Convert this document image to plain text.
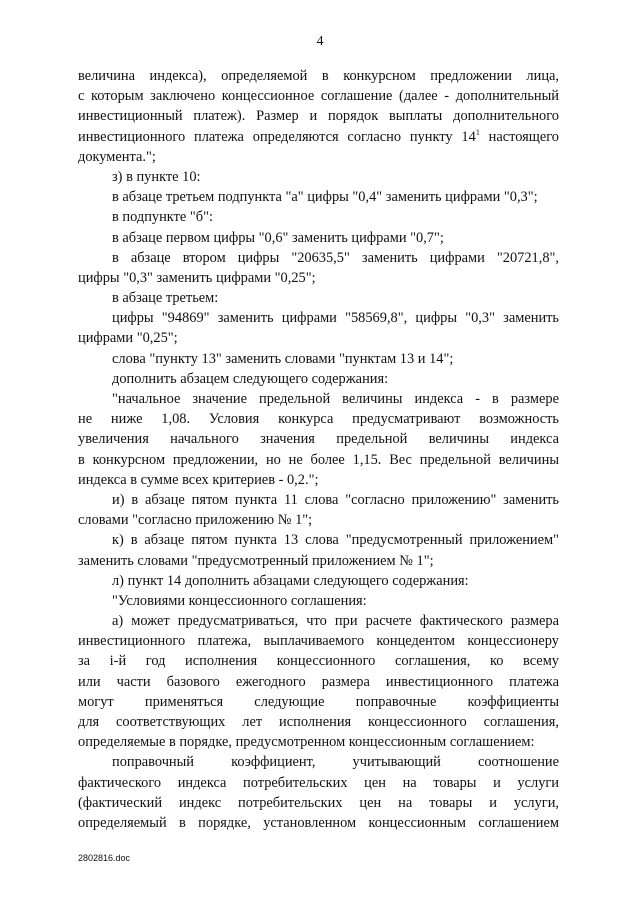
4
величина индекса), определяемой в конкурсном предложении лица,
с которым заключено концессионное соглашение (далее - дополнительный
инвестиционный платеж). Размер и порядок выплаты дополнительного
инвестиционного платежа определяются согласно пункту $14^1$ настоящего
документа.";
з) в пункте 10:
в абзаце третьем подпункта "а" цифры "0,4" заменить цифрами "0,3";
в подпункте "б":
в абзаце первом цифры "0,6" заменить цифрами "0,7";
в абзаце втором цифры "20635,5" заменить цифрами "20721,8",
цифры "0,3" заменить цифрами "0,25";
в абзаце третьем:
цифры "94869" заменить цифрами "58569,8", цифры "0,3" заменить
цифрами "0,25";
слова "пункту 13" заменить словами "пунктам 13 и 14";
дополнить абзацем следующего содержания:
"начальное значение предельной величины индекса - в размере
не ниже 1,08. Условия конкурса предусматривают возможность
увеличения начального значения предельной величины индекса
в конкурсном предложении, но не более 1,15. Вес предельной величины
индекса в сумме всех критериев - 0,2.";
и) в абзаце пятом пункта 11 слова "согласно приложению" заменить
словами "согласно приложению № 1";
к) в абзаце пятом пункта 13 слова "предусмотренный приложением"
заменить словами "предусмотренный приложением № 1";
л) пункт 14 дополнить абзацами следующего содержания:
"Условиями концессионного соглашения:
а) может предусматриваться, что при расчете фактического размера
инвестиционного платежа, выплачиваемого концедентом концессионеру
за i-й год исполнения концессионного соглашения, ко всему
или части базового ежегодного размера инвестиционного платежа
могут применяться следующие поправочные коэффициенты
для соответствующих лет исполнения концессионного соглашения,
определяемые в порядке, предусмотренном концессионным соглашением:
поправочный коэффициент, учитывающий соотношение
фактического индекса потребительских цен на товары и услуги
(фактический индекс потребительских цен на товары и услуги,
определяемый в порядке, установленном концессионным соглашением
2802816.doc
